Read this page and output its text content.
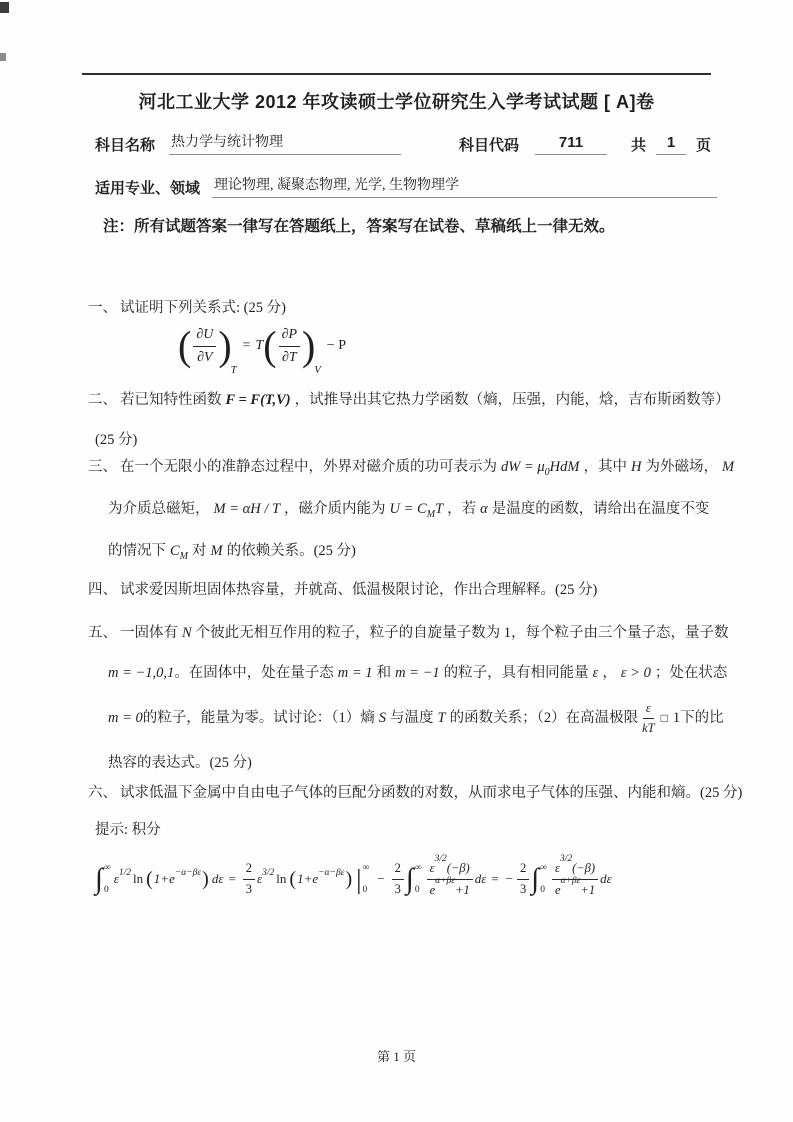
河北工业大学 2012 年攻读硕士学位研究生入学考试试题 [ A]卷
科目名称 热力学与统计物理	科目代码	711	共	1	页
适用专业、领域 理论物理, 凝聚态物理, 光学, 生物物理学
注：所有试题答案一律写在答题纸上，答案写在试卷、草稿纸上一律无效。
一、 试证明下列关系式: (25 分)
( $\frac{\partial U}{\partial V}$ )
T
= T ( $\frac{\partial P}{\partial T}$ )
V
− P
二、 若已知特性函数 F = F(T,V) ，试推导出其它热力学函数（熵，压强，内能，焓，吉布斯函数等）
(25 分)
三、 在一个无限小的准静态过程中，外界对磁介质的功可表示为 dW = $\mu_0HdM$ ，其中 H 为外磁场， M
为介质总磁矩， M = αH / T ，磁介质内能为 $U = C_MT$ ，若 α 是温度的函数，请给出在温度不变
的情况下 $C_M$ 对 M 的依赖关系。(25 分)
四、 试求爱因斯坦固体热容量，并就高、低温极限讨论，作出合理解释。(25 分)
五、 一固体有 N 个彼此无相互作用的粒子，粒子的自旋量子数为 1，每个粒子由三个量子态，量子数
m = −1,0,1。在固体中，处在量子态 m = 1 和 m = −1 的粒子，具有相同能量 ε ， ε > 0 ；处在状态
m = 0的粒子，能量为零。试讨论：（1）熵 S 与温度 T 的函数关系；（2）在高温极限 $\frac{\varepsilon}{kT}$ □ 1下的比
热容的表达式。(25 分)
六、 试求低温下金属中自由电子气体的巨配分函数的对数，从而求电子气体的压强、内能和熵。(25 分)
提示: 积分
∫ ∞
0
$\varepsilon^{1/2}$ ln ( $1+e^{-\alpha-\beta\varepsilon}$ ) $d\varepsilon = \frac{2}{3} \varepsilon^{3/2}$ ln ( $1+e^{-\alpha-\beta\varepsilon}$ ) | ∞
0
− $\frac{2}{3}$ ∫ ∞
0
$\varepsilon^{3/2}(-\beta)$
$e^{\alpha+\beta\varepsilon}+1$
dε = − $\frac{2}{3}$ ∫ ∞
0
$\varepsilon^{3/2}(-\beta)$
$e^{\alpha+\beta\varepsilon}+1$
dε
第 1 页
